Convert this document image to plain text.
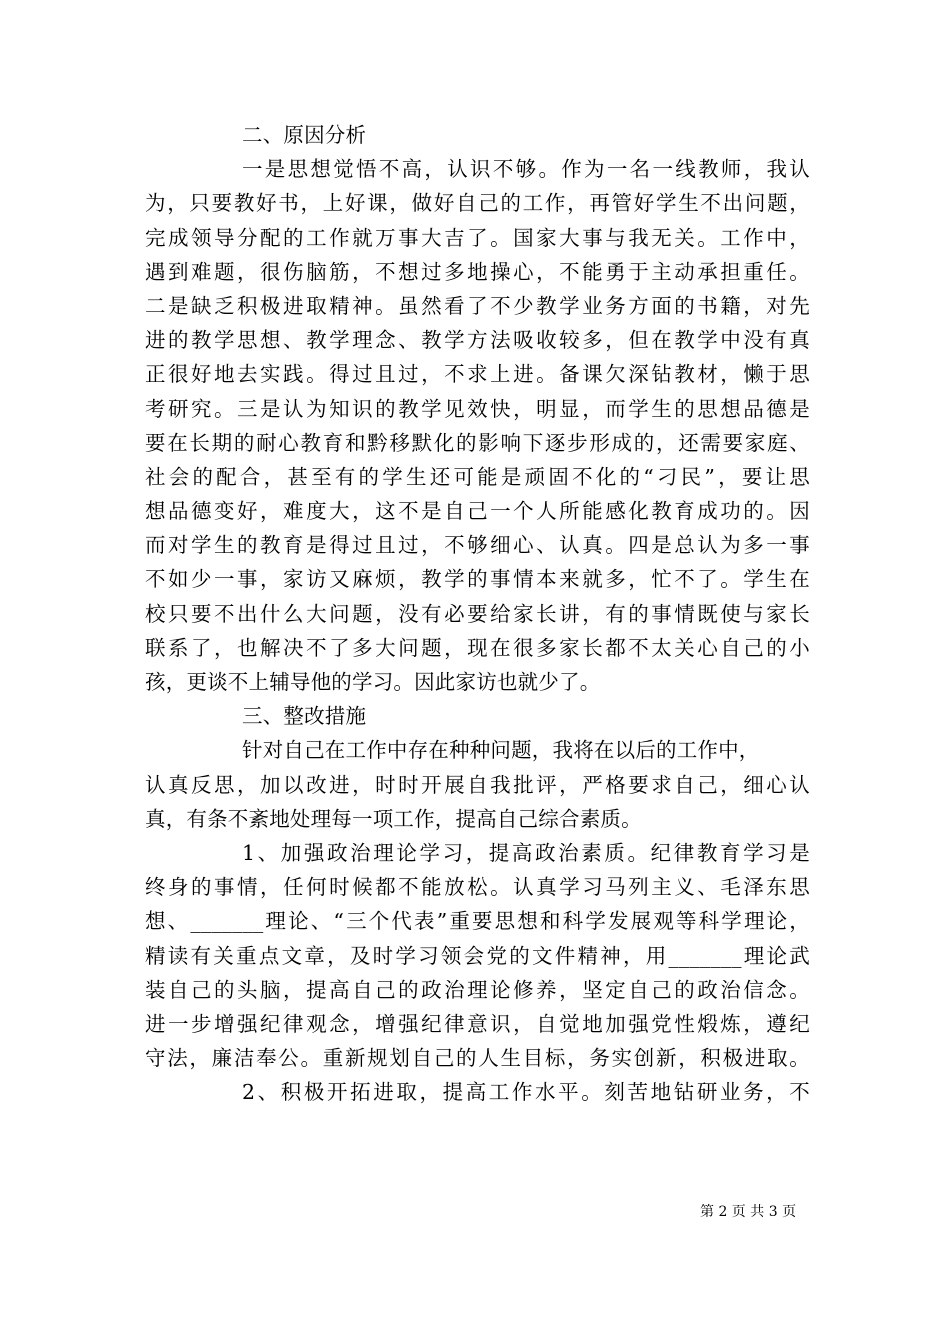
二、原因分析
一是思想觉悟不高，认识不够。作为一名一线教师，我认
为，只要教好书，上好课，做好自己的工作，再管好学生不出问题，
完成领导分配的工作就万事大吉了。国家大事与我无关。工作中，
遇到难题，很伤脑筋，不想过多地操心，不能勇于主动承担重任。
二是缺乏积极进取精神。虽然看了不少教学业务方面的书籍，对先
进的教学思想、教学理念、教学方法吸收较多，但在教学中没有真
正很好地去实践。得过且过，不求上进。备课欠深钻教材，懒于思
考研究。三是认为知识的教学见效快，明显，而学生的思想品德是
要在长期的耐心教育和黔移默化的影响下逐步形成的，还需要家庭、
社会的配合，甚至有的学生还可能是顽固不化的“刁民”，要让思
想品德变好，难度大，这不是自己一个人所能感化教育成功的。因
而对学生的教育是得过且过，不够细心、认真。四是总认为多一事
不如少一事，家访又麻烦，教学的事情本来就多，忙不了。学生在
校只要不出什么大问题，没有必要给家长讲，有的事情既使与家长
联系了，也解决不了多大问题，现在很多家长都不太关心自己的小
孩，更谈不上辅导他的学习。因此家访也就少了。
三、整改措施
针对自己在工作中存在种种问题，我将在以后的工作中，
认真反思，加以改进，时时开展自我批评，严格要求自己，细心认
真，有条不紊地处理每一项工作，提高自己综合素质。
1、加强政治理论学习，提高政治素质。纪律教育学习是
终身的事情，任何时候都不能放松。认真学习马列主义、毛泽东思
想、_______理论、“三个代表”重要思想和科学发展观等科学理论，
精读有关重点文章，及时学习领会党的文件精神，用_______理论武
装自己的头脑，提高自己的政治理论修养，坚定自己的政治信念。
进一步增强纪律观念，增强纪律意识，自觉地加强党性煅炼，遵纪
守法，廉洁奉公。重新规划自己的人生目标，务实创新，积极进取。
2、积极开拓进取，提高工作水平。刻苦地钻研业务，不
第 2 页 共 3 页
